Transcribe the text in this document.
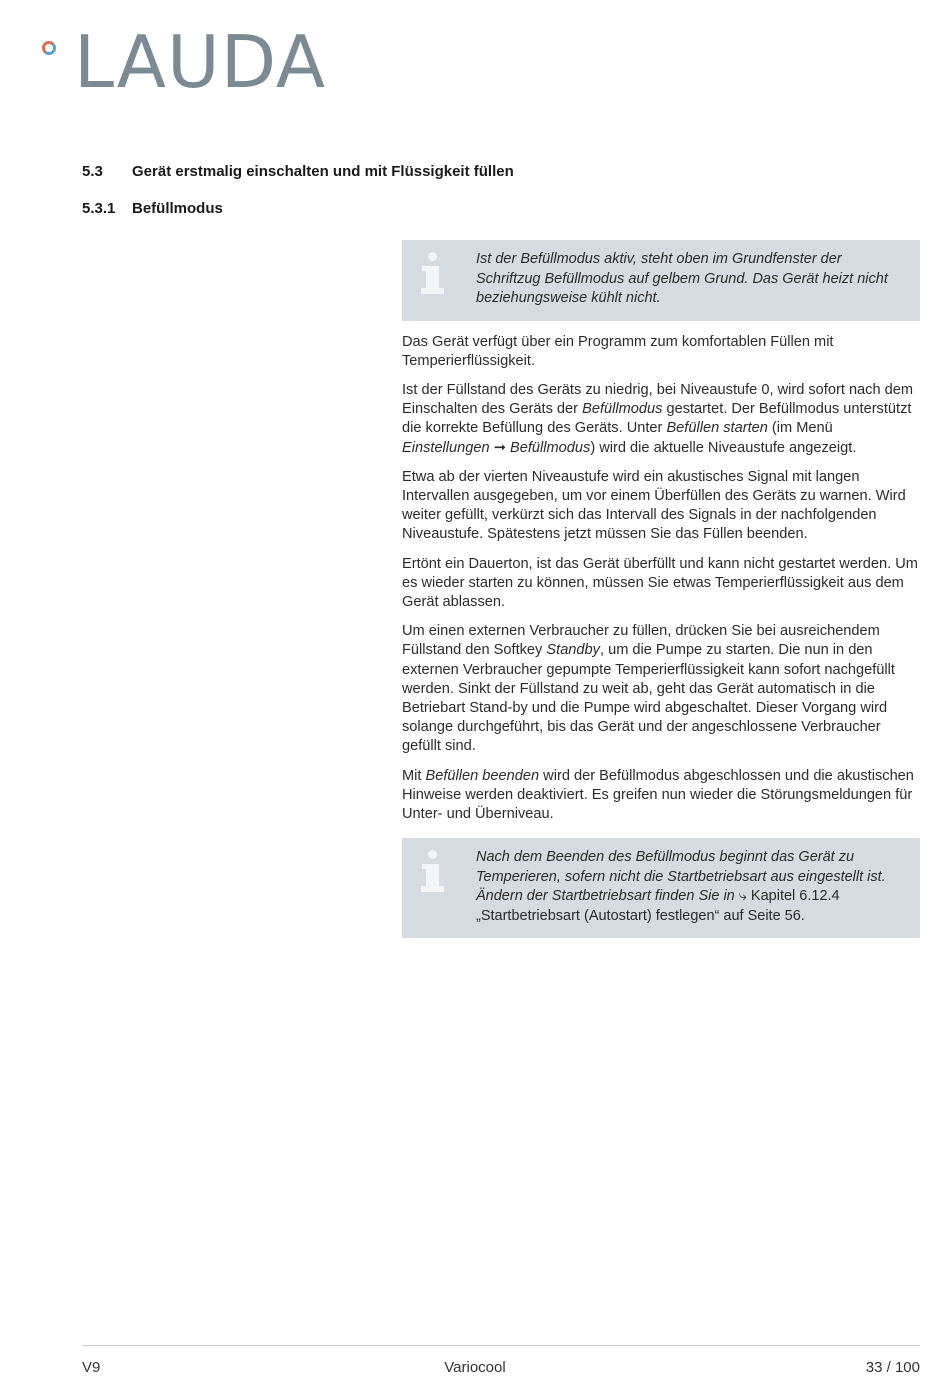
LAUDA
5.3 Gerät erstmalig einschalten und mit Flüssigkeit füllen
5.3.1 Befüllmodus

Ist der Befüllmodus aktiv, steht oben im Grundfenster der Schriftzug Befüllmodus auf gelbem Grund. Das Gerät heizt nicht beziehungsweise kühlt nicht.

Das Gerät verfügt über ein Programm zum komfortablen Füllen mit Temperierflüssigkeit.

Ist der Füllstand des Geräts zu niedrig, bei Niveaustufe 0, wird sofort nach dem Einschalten des Geräts der Befüllmodus gestartet. Der Befüllmodus unterstützt die korrekte Befüllung des Geräts. Unter Befüllen starten (im Menü Einstellungen ➞ Befüllmodus) wird die aktuelle Niveaustufe angezeigt.

Etwa ab der vierten Niveaustufe wird ein akustisches Signal mit langen Intervallen ausgegeben, um vor einem Überfüllen des Geräts zu warnen. Wird weiter gefüllt, verkürzt sich das Intervall des Signals in der nachfolgenden Niveaustufe. Spätestens jetzt müssen Sie das Füllen beenden.

Ertönt ein Dauerton, ist das Gerät überfüllt und kann nicht gestartet werden. Um es wieder starten zu können, müssen Sie etwas Temperierflüssigkeit aus dem Gerät ablassen.

Um einen externen Verbraucher zu füllen, drücken Sie bei ausreichendem Füllstand den Softkey Standby, um die Pumpe zu starten. Die nun in den externen Verbraucher gepumpte Temperierflüssigkeit kann sofort nachgefüllt werden. Sinkt der Füllstand zu weit ab, geht das Gerät automatisch in die Betriebart Stand-by und die Pumpe wird abgeschaltet. Dieser Vorgang wird solange durchgeführt, bis das Gerät und der angeschlossene Verbraucher gefüllt sind.

Mit Befüllen beenden wird der Befüllmodus abgeschlossen und die akustischen Hinweise werden deaktiviert. Es greifen nun wieder die Störungsmeldungen für Unter- und Überniveau.

Nach dem Beenden des Befüllmodus beginnt das Gerät zu Temperieren, sofern nicht die Startbetriebsart aus eingestellt ist. Ändern der Startbetriebsart finden Sie in ⤷ Kapitel 6.12.4 „Startbetriebsart (Autostart) festlegen“ auf Seite 56.

V9	Variocool	33 / 100
